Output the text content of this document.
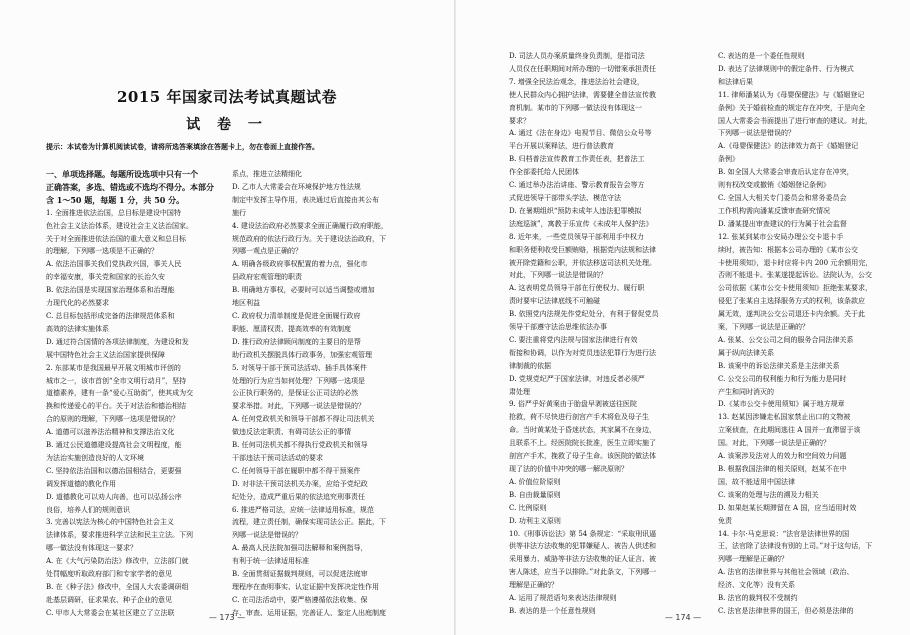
2015 年国家司法考试真题试卷
试 卷 一
提示：本试卷为计算机阅读试卷，请将所选答案填涂在答题卡上，勿在卷面上直接作答。
一、单项选择题。每题所设选项中只有一个
正确答案，多选、错选或不选均不得分。本部分
含 1～50 题，每题 1 分，共 50 分。
1. 全面推进依法治国，总目标是建设中国特
色社会主义法治体系，建设社会主义法治国家。
关于对全面推进依法治国的重大意义和总目标
的理解，下列哪一选项是不正确的？
A. 依法治国事关我们党执政兴国，事关人民
的幸福安康，事关党和国家的长治久安
B. 依法治国是实现国家治理体系和治理能
力现代化的必然要求
C. 总目标包括形成完备的法律规范体系和
高效的法律实施体系
D. 通过符合国情的各项法律制度，为建设和发
展中国特色社会主义法治国家提供保障
2. 东部某市是我国最早开展文明城市评创的
城市之一，该市首创“全市文明行动月”，坚持
道德素养，建有一条“爱心互助街”，使其成为交
换和传递爱心的平台。关于对法治和德治相结
合的原则的理解，下列哪一选项是错误的？
A. 道德可以滋养法治精神和支撑法治文化
B. 通过公民道德建设提高社会文明程度，能
为法治实施创造良好的人文环境
C. 坚持依法治国和以德治国相结合，更要强
调发挥道德的教化作用
D. 道德教化可以劝人向善，也可以弘扬公序
良俗，培养人们的规则意识
3. 完善以宪法为核心的中国特色社会主义
法律体系，要求推进科学立法和民主立法。下列
哪一做法没有体现这一要求？
A. 在《大气污染防治法》修改中，立法部门就
处罚幅度听取政府部门和专家学者的意见
B. 在《种子法》修改中，全国人大农委调研组
赴基层调研，征求果农、种子企业的意见
C. 甲市人大常委会在某社区建立了立法联
系点，推进立法精细化
D. 乙市人大常委会在环境保护地方性法规
制定中发挥主导作用，表决通过后直接由其公布
施行
4. 建设法治政府必然要求全面正确履行政府职能，
规范政府的依法行政行为。关于建设法治政府，下
列哪一观点是正确的？
A. 明确各级政府事权配置的着力点，强化市
县政府宏观管理的职责
B. 明确地方事权，必要时可以适当调整或增加
地区利益
C. 政府权力清单制度是促进全面履行政府
职能、厘清权责、提高效率的有效制度
D. 推行政府法律顾问制度的主要目的是帮
助行政机关摆脱具体行政事务，加强宏观管理
5. 对领导干部干预司法活动、插手具体案件
处理的行为应当如何处理？下列哪一选项是
公正执行职务的，是保证公正司法的必然
要求举措。对此，下列哪一说法是错误的？
A. 任何党政机关和领导干部都不得让司法机关
做违反法定职责、有碍司法公正的事情
B. 任何司法机关都不得执行党政机关和领导
干部违法干预司法活动的要求
C. 任何领导干部在履职中都不得干预案件
D. 对非法干预司法机关办案，应给予党纪政
纪处分，造成严重后果的依法追究刑事责任
6. 推进严格司法，应统一法律适用标准，规范
流程，建立责任制，确保实现司法公正。据此，下
列哪一说法是错误的？
A. 最高人民法院加强司法解释和案例指导，
有利于统一法律适用标准
B. 全面贯彻证据裁判规则，可以促进法庭审
理程序在查明事实、认定证据中发挥决定性作用
C. 在司法活动中，要严格遵循依法收集、保
存、审查、运用证据，完善证人、鉴定人出庭制度
D. 司法人员办案质量终身负责制，是指司法
人员仅在任职期间对所办理的一切错案承担责任
7. 增强全民法治观念，推进法治社会建设，
使人民群众内心拥护法律，需要健全普法宣传教
育机制。某市的下列哪一做法没有体现这一
要求？
A. 通过《法在身边》电视节目、微信公众号等
平台开展以案释法，进行普法教育
B. 归档普法宣传教育工作责任表，把普法工
作全部委托给人民团体
C. 通过举办法治讲座、警示教育报告会等方
式促进领导干部带头学法、模范守法
D. 在暑期组织“预防未成年人违法犯罪模拟
法庭巡演”，寓教于乐宣传《未成年人保护法》
8. 近年来，一些党员领导干部利用手中权力
和职务便利收受巨额贿赂，根据党内法规和法律
被开除党籍和公职，并依法移送司法机关处理。
对此，下列哪一说法是错误的？
A. 这表明党员领导干部在行使权力、履行职
责时要牢记法律底线不可触碰
B. 依照党内法规先作党纪处分，有利于督促党员
领导干部遵守法治思维依法办事
C. 要注重将党内法规与国家法律进行有效
衔接和协调，以作为对党员违法犯罪行为进行法
律制裁的依据
D. 党规党纪严于国家法律，对违反者必须严
肃处理
9. 俗严乎好黄案由于胎盘早剥被送往医院
抢救，荷不尽快进行剖宫产手术将危及母子生
命。当时黄某处于昏迷状态，其家属不在身边，
且联系不上。经医院院长批准，医生立即实施了
剖宫产手术，挽救了母子生命。该医院的做法体
现了法的价值中冲突的哪一解决原则？
A. 价值位阶原则
B. 自由裁量原则
C. 比例原则
D. 功利主义原则
10.《刑事诉讼法》第 54 条规定：“采取刑讯逼
供等非法方法收集的犯罪嫌疑人、被告人供述和
采用暴力、威胁等非法方法收集的证人证言、被
害人陈述，应当予以排除。”对此条文，下列哪一
理解是正确的？
A. 运用了规范语句来表达法律规则
B. 表达的是一个任意性规则
C. 表达的是一个委任性规则
D. 表达了法律规则中的假定条件、行为模式
和法律后果
11. 律师潘某认为《母婴保健法》与《婚姻登记
条例》关于婚前检查的规定存在冲突，于是向全
国人大常委会书面提出了进行审查的建议。对此，
下列哪一说法是错误的？
A.《母婴保健法》的法律效力高于《婚姻登记
条例》
B. 如全国人大常委会审查后认定存在冲突，
则有权改变或撤销《婚姻登记条例》
C. 全国人大相关专门委员会和常务委员会
工作机构需向潘某反馈审查研究情况
D. 潘某提出审查建议的行为属于社会监督
12. 张某到某市公安局办理公交卡退卡手
续时，被告知：根据本公司办理的《某市公交
卡使用须知》，退卡时应将卡内 200 元余额用完，
否则不能退卡。张某遂提起诉讼。法院认为，公交
公司依据《某市公交卡使用须知》拒绝张某要求，
侵犯了张某自主选择服务方式的权利，该条款应
属无效，遂判决公交公司退还卡内余额。关于此
案，下列哪一说法是正确的？
A. 张某、公交公司之间的服务合同法律关系
属于纵向法律关系
B. 该案中的诉讼法律关系是主法律关系
C. 公交公司的权利能力和行为能力是同时
产生和同时消灭的
D.《某市公交卡使用须知》属于地方规章
13. 赵某因涉嫌走私国家禁止出口的文物被
立案侦查，在此期间逃往 A 国并一直滞留于该
国。对此，下列哪一说法是正确的？
A. 该案涉及法对人的效力和空间效力问题
B. 根据我国法律的相关原则，赵某不在中
国，故不能适用中国法律
C. 该案的处理与法的溯及力相关
D. 如果赵某长期滞留在 A 国，应当适用时效
免责
14. 卡尔·马克思说：“法官是法律世界的国
王，法官除了法律没有别的上司。”对于这句话，下
列哪一理解是正确的？
A. 法官的法律世界与其他社会领域（政治、
经济、文化等）没有关系
B. 法官的裁判权不受制约
C. 法官是法律世界的国王，但必须是法律的
— 173 —	— 174 —
